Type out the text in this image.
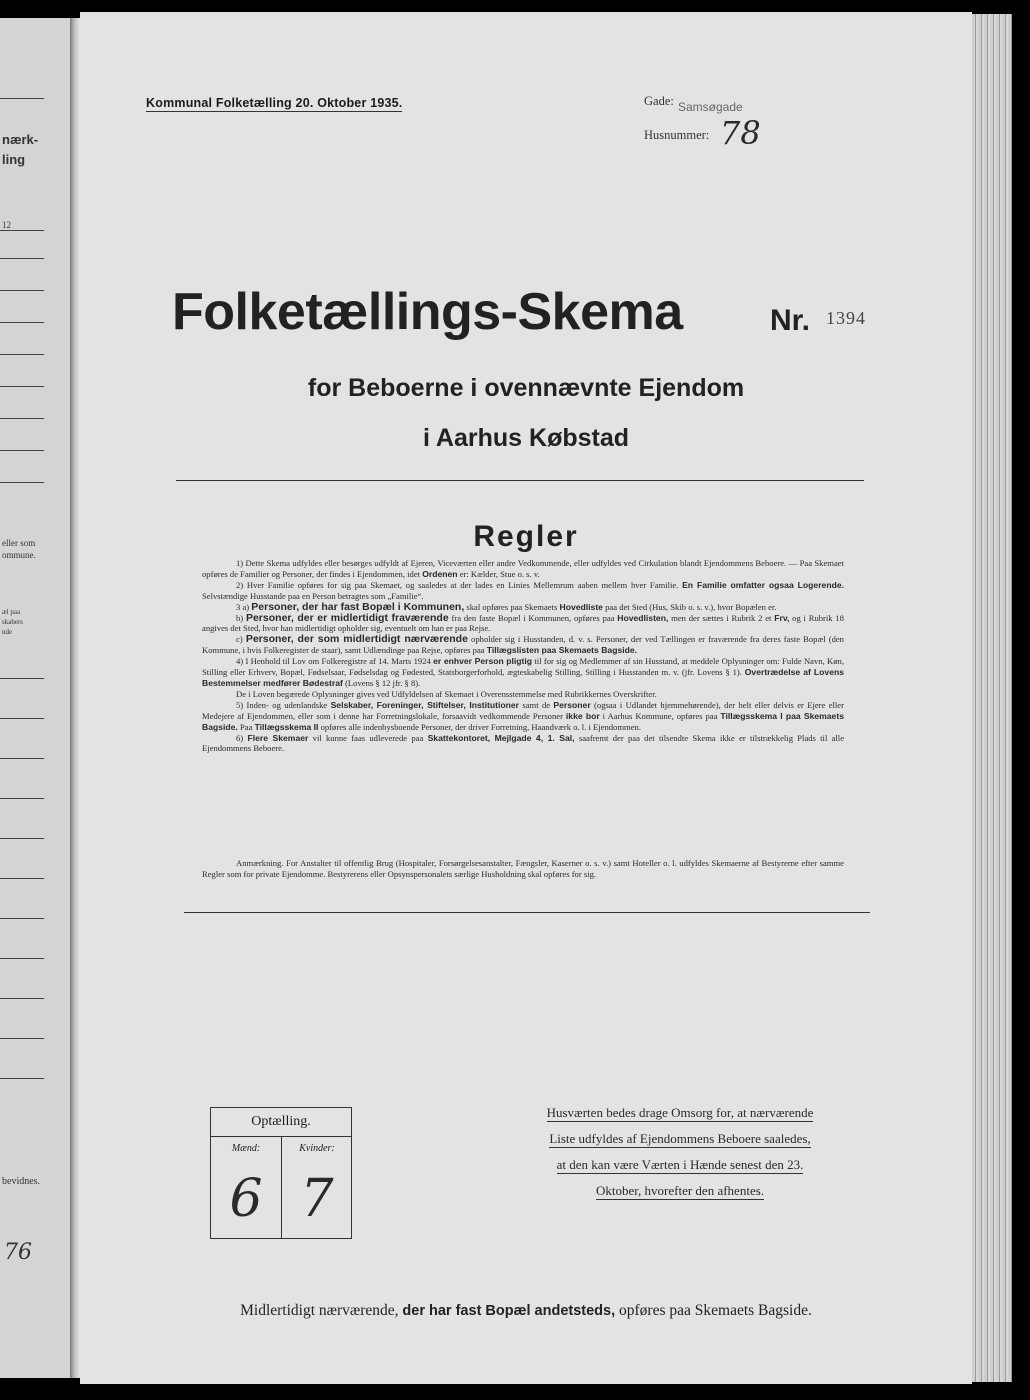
nærk-
ling
12
eller som
ommune.
æl paa
skabers
nde
bevidnes.
76
Kommunal Folketælling 20. Oktober 1935.	Gade: Samsøgade
Husnummer: 78
Folketællings-Skema	Nr. 1394
for Beboerne i ovennævnte Ejendom
i Aarhus Købstad
Regler

1) Dette Skema udfyldes eller besørges udfyldt af Ejeren, Viceværten eller andre Vedkommende, eller udfyldes ved Cirkulation blandt Ejendommens Beboere. — Paa Skemaet opføres de Familier og Personer, der findes i Ejendommen, idet Ordenen er: Kælder, Stue o. s. v.

2) Hver Familie opføres for sig paa Skemaet, og saaledes at der lades en Linies Mellemrum aaben mellem hver Familie. En Familie omfatter ogsaa Logerende. Selvstændige Husstande paa en Person betragtes som „Familie“.

3 a) Personer, der har fast Bopæl i Kommunen, skal opføres paa Skemaets Hovedliste paa det Sted (Hus, Skib o. s. v.), hvor Bopælen er.

b) Personer, der er midlertidigt fraværende fra den faste Bopæl i Kommunen, opføres paa Hovedlisten, men der sættes i Rubrik 2 et Frv, og i Rubrik 18 angives det Sted, hvor han midlertidigt opholder sig, eventuelt om han er paa Rejse.

c) Personer, der som midlertidigt nærværende opholder sig i Husstanden, d. v. s. Personer, der ved Tællingen er fraværende fra deres faste Bopæl (den Kommune, i hvis Folkeregister de staar), samt Udlændinge paa Rejse, opføres paa Tillægslisten paa Skemaets Bagside.

4) I Henhold til Lov om Folkeregistre af 14. Marts 1924 er enhver Person pligtig til for sig og Medlemmer af sin Husstand, at meddele Oplysninger om: Fulde Navn, Køn, Stilling eller Erhverv, Bopæl, Fødselsaar, Fødselsdag og Fødested, Statsborgerforhold, ægteskabelig Stilling, Stilling i Husstanden m. v. (jfr. Lovens § 1). Overtrædelse af Lovens Bestemmelser medfører Bødestraf (Lovens § 12 jfr. § 8).

De i Loven begærede Oplysninger gives ved Udfyldelsen af Skemaet i Overensstemmelse med Rubrikkernes Overskrifter.

5) Inden- og udenlandske Selskaber, Foreninger, Stiftelser, Institutioner samt de Personer (ogsaa i Udlandet hjemmehørende), der helt eller delvis er Ejere eller Medejere af Ejendommen, eller som i denne har Forretningslokale, forsaavidt vedkommende Personer ikke bor i Aarhus Kommune, opføres paa Tillægsskema I paa Skemaets Bagside. Paa Tillægsskema II opføres alle indenbysboende Personer, der driver Forretning, Haandværk o. l. i Ejendommen.

6) Flere Skemaer vil kunne faas udleverede paa Skattekontoret, Mejlgade 4, 1. Sal, saafremt der paa det tilsendte Skema ikke er tilstrækkelig Plads til alle Ejendommens Beboere.

Anmærkning. For Anstalter til offentlig Brug (Hospitaler, Forsørgelsesanstalter, Fængsler, Kaserner o. s. v.) samt Hoteller o. l. udfyldes Skemaerne af Bestyrerne efter samme Regler som for private Ejendomme. Bestyrerens eller Opsynspersonalets særlige Husholdning skal opføres for sig.

Optælling.
Mænd:
6
Kvinder:
7
Husværten bedes drage Omsorg for, at nærværende
Liste udfyldes af Ejendommens Beboere saaledes,
at den kan være Værten i Hænde senest den 23.
Oktober, hvorefter den afhentes.
Midlertidigt nærværende, der har fast Bopæl andetsteds, opføres paa Skemaets Bagside.
